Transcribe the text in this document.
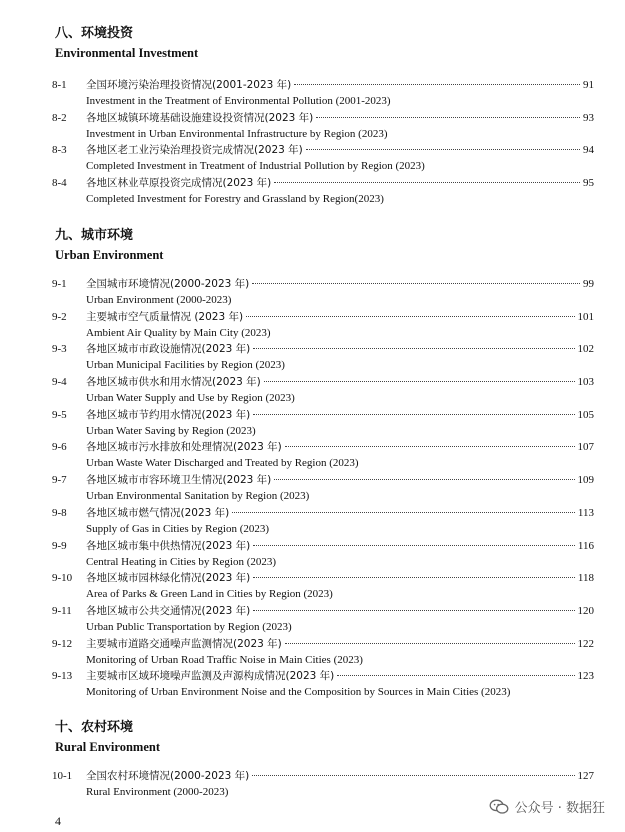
八、环境投资
Environmental Investment
8-1 全国环境污染治理投资情况(2001-2023 年)	91
Investment in the Treatment of Environmental Pollution (2001-2023)
8-2 各地区城镇环境基础设施建设投资情况(2023 年)	93
Investment in Urban Environmental Infrastructure by Region (2023)
8-3 各地区老工业污染治理投资完成情况(2023 年)	94
Completed Investment in Treatment of Industrial Pollution by Region (2023)
8-4 各地区林业草原投资完成情况(2023 年)	95
Completed Investment for Forestry and Grassland by Region(2023)
九、城市环境
Urban Environment
9-1 全国城市环境情况(2000-2023 年)	99
Urban Environment (2000-2023)
9-2 主要城市空气质量情况 (2023 年)	101
Ambient Air Quality by Main City (2023)
9-3 各地区城市市政设施情况(2023 年)	102
Urban Municipal Facilities by Region (2023)
9-4 各地区城市供水和用水情况(2023 年)	103
Urban Water Supply and Use by Region (2023)
9-5 各地区城市节约用水情况(2023 年)	105
Urban Water Saving by Region (2023)
9-6 各地区城市污水排放和处理情况(2023 年)	107
Urban Waste Water Discharged and Treated by Region (2023)
9-7 各地区城市市容环境卫生情况(2023 年)	109
Urban Environmental Sanitation by Region (2023)
9-8 各地区城市燃气情况(2023 年)	113
Supply of Gas in Cities by Region (2023)
9-9 各地区城市集中供热情况(2023 年)	116
Central Heating in Cities by Region (2023)
9-10 各地区城市园林绿化情况(2023 年)	118
Area of Parks & Green Land in Cities by Region (2023)
9-11 各地区城市公共交通情况(2023 年)	120
Urban Public Transportation by Region (2023)
9-12 主要城市道路交通噪声监测情况(2023 年)	122
Monitoring of Urban Road Traffic Noise in Main Cities (2023)
9-13 主要城市区域环境噪声监测及声源构成情况(2023 年)	123
Monitoring of Urban Environment Noise and the Composition by Sources in Main Cities (2023)
十、农村环境
Rural Environment
10-1 全国农村环境情况(2000-2023 年)	127
Rural Environment (2000-2023)
4
公众号 · 数据狂
